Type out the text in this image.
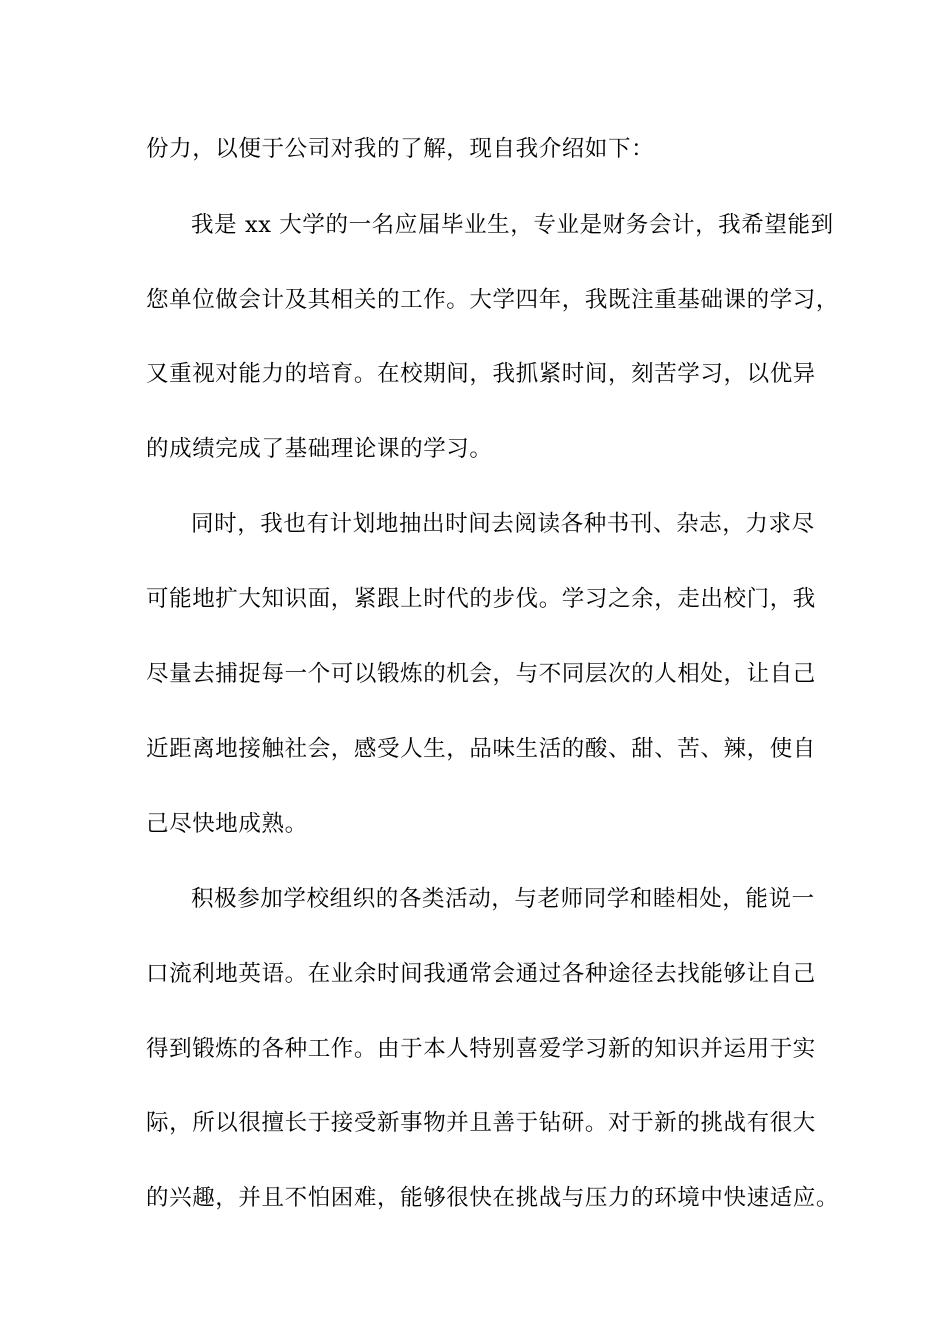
份力，以便于公司对我的了解，现自我介绍如下：
我是 xx 大学的一名应届毕业生，专业是财务会计，我希望能到
您单位做会计及其相关的工作。大学四年，我既注重基础课的学习，
又重视对能力的培育。在校期间，我抓紧时间，刻苦学习，以优异
的成绩完成了基础理论课的学习。
同时，我也有计划地抽出时间去阅读各种书刊、杂志，力求尽
可能地扩大知识面，紧跟上时代的步伐。学习之余，走出校门，我
尽量去捕捉每一个可以锻炼的机会，与不同层次的人相处，让自己
近距离地接触社会，感受人生，品味生活的酸、甜、苦、辣，使自
己尽快地成熟。
积极参加学校组织的各类活动，与老师同学和睦相处，能说一
口流利地英语。在业余时间我通常会通过各种途径去找能够让自己
得到锻炼的各种工作。由于本人特别喜爱学习新的知识并运用于实
际，所以很擅长于接受新事物并且善于钻研。对于新的挑战有很大
的兴趣，并且不怕困难，能够很快在挑战与压力的环境中快速适应。
